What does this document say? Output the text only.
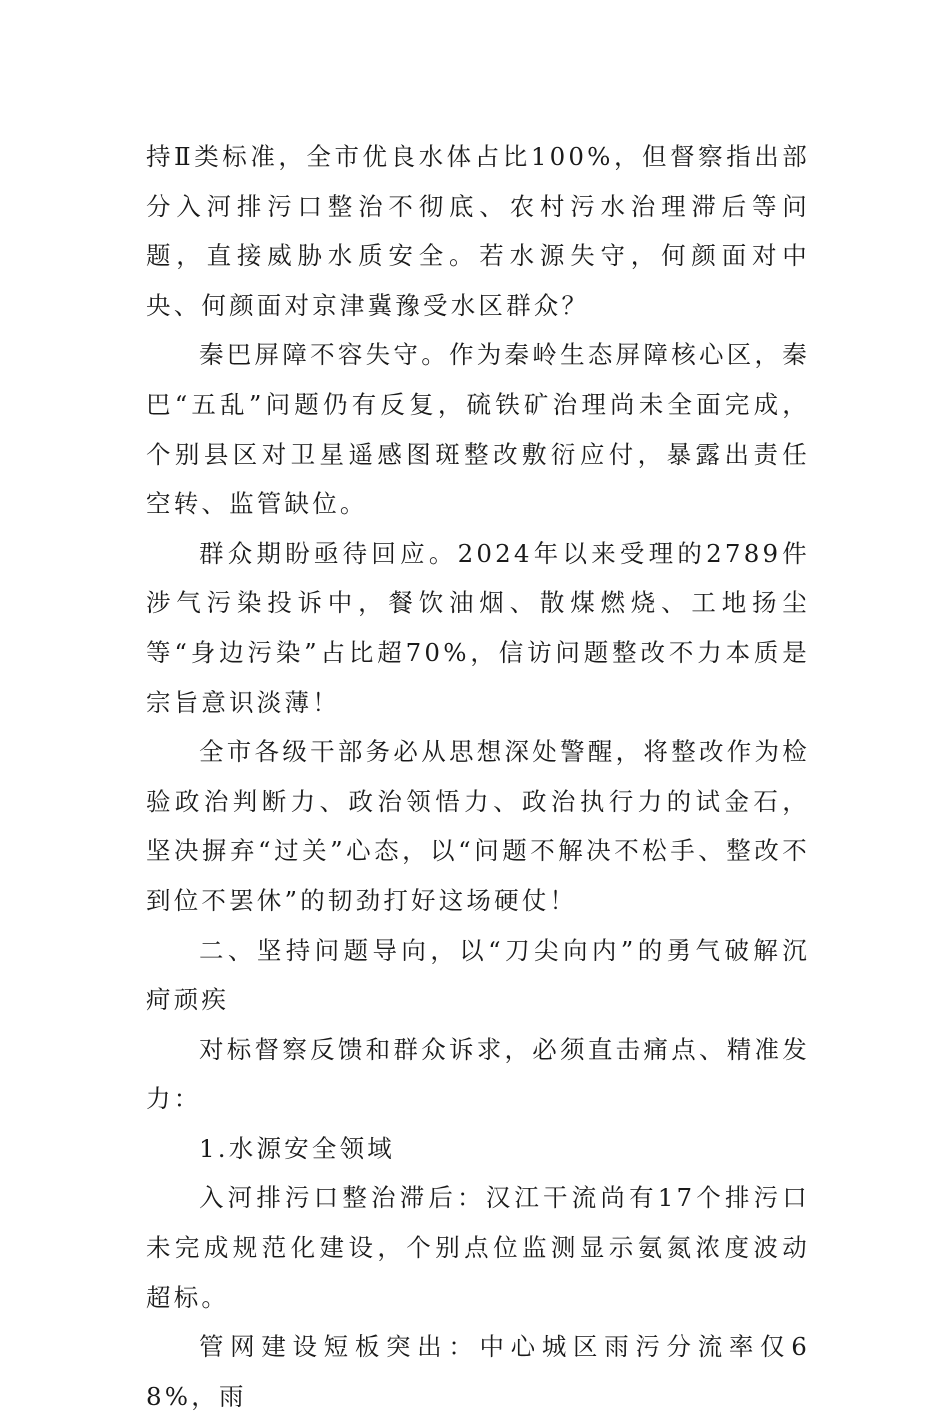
持Ⅱ类标准，全市优良水体占比100%，但督察指出部分入河排污口整治不彻底、农村污水治理滞后等问题，直接威胁水质安全。若水源失守，何颜面对中央、何颜面对京津冀豫受水区群众？

秦巴屏障不容失守。作为秦岭生态屏障核心区，秦巴“五乱”问题仍有反复，硫铁矿治理尚未全面完成，个别县区对卫星遥感图斑整改敷衍应付，暴露出责任空转、监管缺位。

群众期盼亟待回应。2024年以来受理的2789件涉气污染投诉中，餐饮油烟、散煤燃烧、工地扬尘等“身边污染”占比超70%，信访问题整改不力本质是宗旨意识淡薄！

全市各级干部务必从思想深处警醒，将整改作为检验政治判断力、政治领悟力、政治执行力的试金石，坚决摒弃“过关”心态，以“问题不解决不松手、整改不到位不罢休”的韧劲打好这场硬仗！

二、坚持问题导向，以“刀尖向内”的勇气破解沉疴顽疾

对标督察反馈和群众诉求，必须直击痛点、精准发力：

1.水源安全领域

入河排污口整治滞后：汉江干流尚有17个排污口未完成规范化建设，个别点位监测显示氨氮浓度波动超标。

管网建设短板突出：中心城区雨污分流率仅68%，雨
